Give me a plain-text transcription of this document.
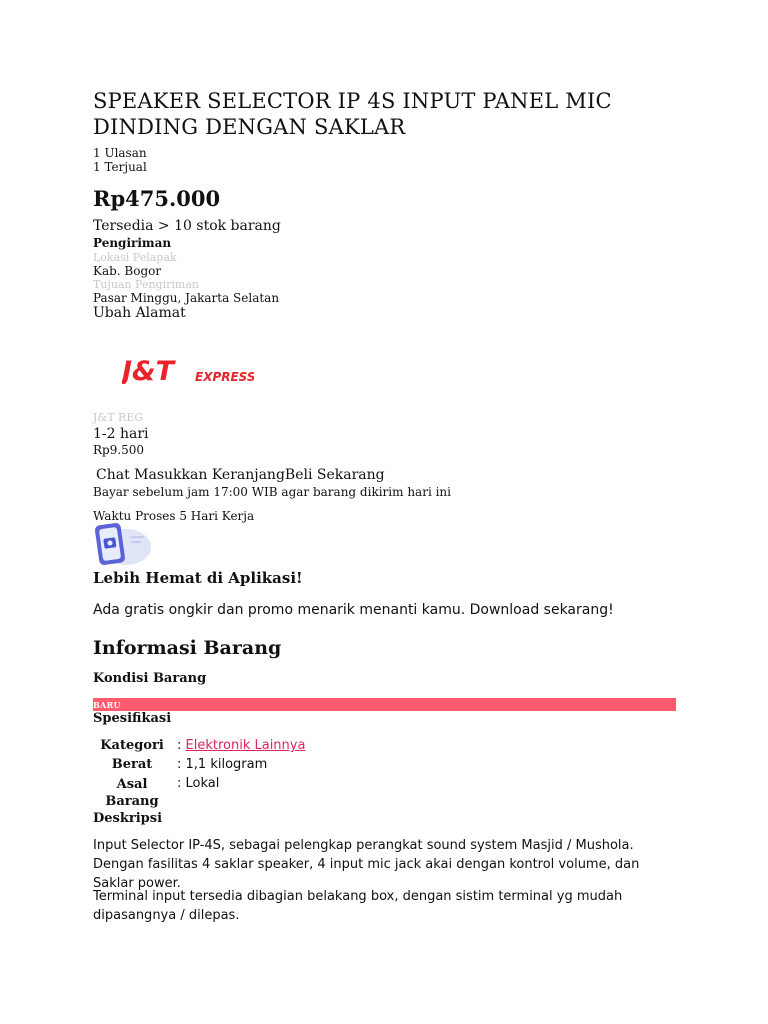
SPEAKER SELECTOR IP 4S INPUT PANEL MIC DINDING DENGAN SAKLAR
1 Ulasan
1 Terjual
Rp475.000
Tersedia > 10 stok barang
Pengiriman
Lokasi Pelapak
Kab. Bogor
Tujuan Pengiriman
Pasar Minggu, Jakarta Selatan
Ubah Alamat
J&T EXPRESS
J&T REG
1-2 hari
Rp9.500
Chat Masukkan KeranjangBeli Sekarang
Bayar sebelum jam 17:00 WIB agar barang dikirim hari ini
Waktu Proses 5 Hari Kerja
Lebih Hemat di Aplikasi!
Ada gratis ongkir dan promo menarik menanti kamu. Download sekarang!
Informasi Barang
Kondisi Barang
BARU
Spesifikasi
Kategori	: Elektronik Lainnya
Berat	: 1,1 kilogram
Asal Barang	: Lokal
Deskripsi
Input Selector IP-4S, sebagai pelengkap perangkat sound system Masjid / Mushola. Dengan fasilitas 4 saklar speaker, 4 input mic jack akai dengan kontrol volume, dan Saklar power.
Terminal input tersedia dibagian belakang box, dengan sistim terminal yg mudah dipasangnya / dilepas.
